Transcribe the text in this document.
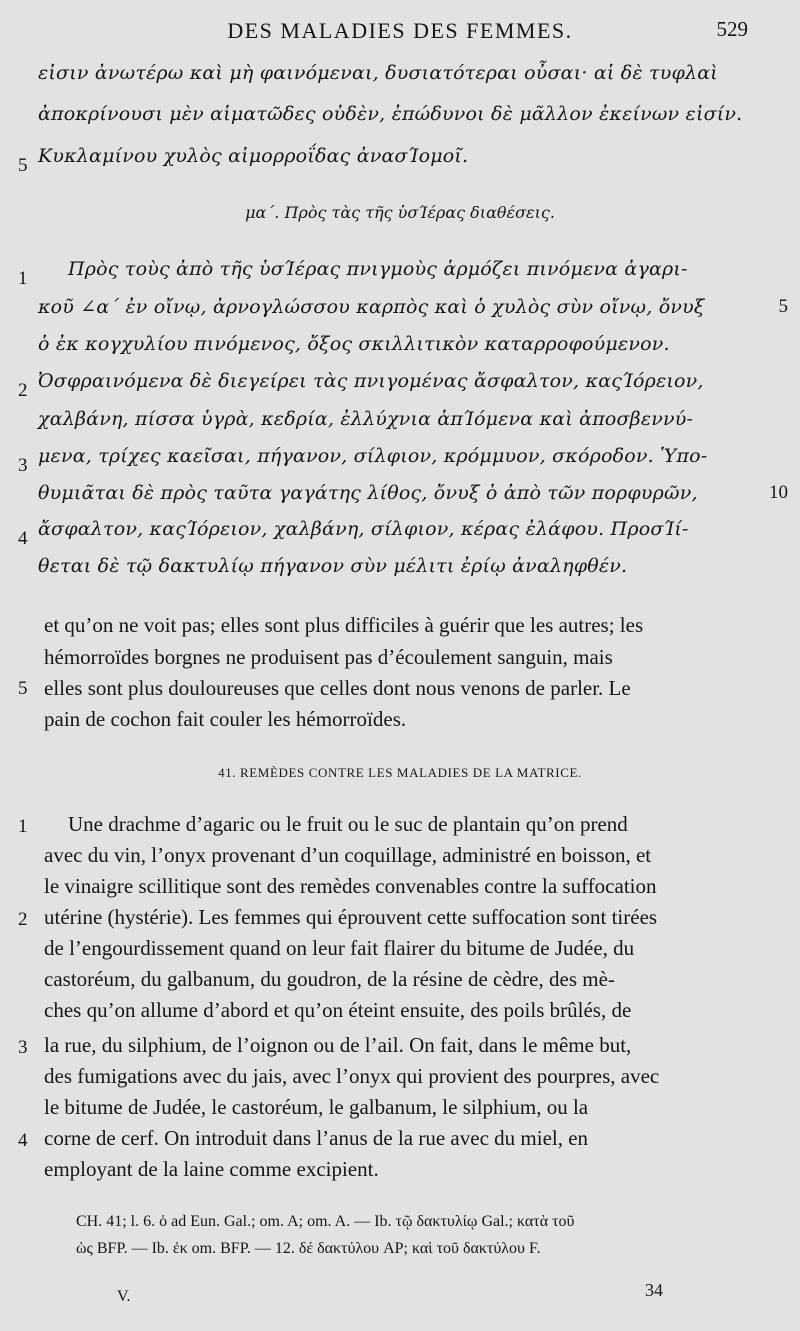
DES MALADIES DES FEMMES.	529
εἰσιν ἀνωτέρω καὶ μὴ φαινόμεναι, δυσιατότεραι οὖσαι· αἱ δὲ τυφλαὶ
ἀποκρίνουσι μὲν αἱματῶδες οὐδὲν, ἐπώδυνοι δὲ μᾶλλον ἐκείνων εἰσίν.
5 Κυκλαμίνου χυλὸς αἱμορροΐδας ἀνασΊομοῖ.
μα΄. Πρὸς τὰς τῆς ὑσΊέρας διαθέσεις.
1 Πρὸς τοὺς ἀπὸ τῆς ὑσΊέρας πνιγμοὺς ἁρμόζει πινόμενα ἀγαρι-
κοῦ ∠α΄ ἐν οἴνῳ, ἀρνογλώσσου καρπὸς καὶ ὁ χυλὸς σὺν οἴνῳ, ὄνυξ	5
ὁ ἐκ κογχυλίου πινόμενος, ὄξος σκιλλιτικὸν καταρροφούμενον.
2 Ὀσφραινόμενα δὲ διεγείρει τὰς πνιγομένας ἄσφαλτον, καςΊόρειον,
χαλβάνη, πίσσα ὑγρὰ, κεδρία, ἐλλύχνια ἁπΊόμενα καὶ ἀποσβεννύ-
3 μενα, τρίχες καεῖσαι, πήγανον, σίλφιον, κρόμμυον, σκόροδον. Ὑπο-
θυμιᾶται δὲ πρὸς ταῦτα γαγάτης λίθος, ὄνυξ ὁ ἀπὸ τῶν πορφυρῶν,	10
4 ἄσφαλτον, καςΊόρειον, χαλβάνη, σίλφιον, κέρας ἐλάφου. ΠροσΊί-
θεται δὲ τῷ δακτυλίῳ πήγανον σὺν μέλιτι ἐρίῳ ἀναληφθέν.
et qu’on ne voit pas; elles sont plus difficiles à guérir que les autres; les
hémorroïdes borgnes ne produisent pas d’écoulement sanguin, mais
5 elles sont plus douloureuses que celles dont nous venons de parler. Le
pain de cochon fait couler les hémorroïdes.
41. REMÈDES CONTRE LES MALADIES DE LA MATRICE.
1 Une drachme d’agaric ou le fruit ou le suc de plantain qu’on prend
avec du vin, l’onyx provenant d’un coquillage, administré en boisson, et
le vinaigre scillitique sont des remèdes convenables contre la suffocation
2 utérine (hystérie). Les femmes qui éprouvent cette suffocation sont tirées
de l’engourdissement quand on leur fait flairer du bitume de Judée, du
castoréum, du galbanum, du goudron, de la résine de cèdre, des mè-
ches qu’on allume d’abord et qu’on éteint ensuite, des poils brûlés, de
3 la rue, du silphium, de l’oignon ou de l’ail. On fait, dans le même but,
des fumigations avec du jais, avec l’onyx qui provient des pourpres, avec
le bitume de Judée, le castoréum, le galbanum, le silphium, ou la
4 corne de cerf. On introduit dans l’anus de la rue avec du miel, en
employant de la laine comme excipient.
CH. 41; l. 6. ὁ ad Eun. Gal.; om. A; om. A. — Ib. τῷ δακτυλίῳ Gal.; κατὰ τοῦ
ὡς BFP. — Ib. ἐκ om. BFP. — 12. δέ δακτύλου AP; καὶ τοῦ δακτύλου F.
V.	34
